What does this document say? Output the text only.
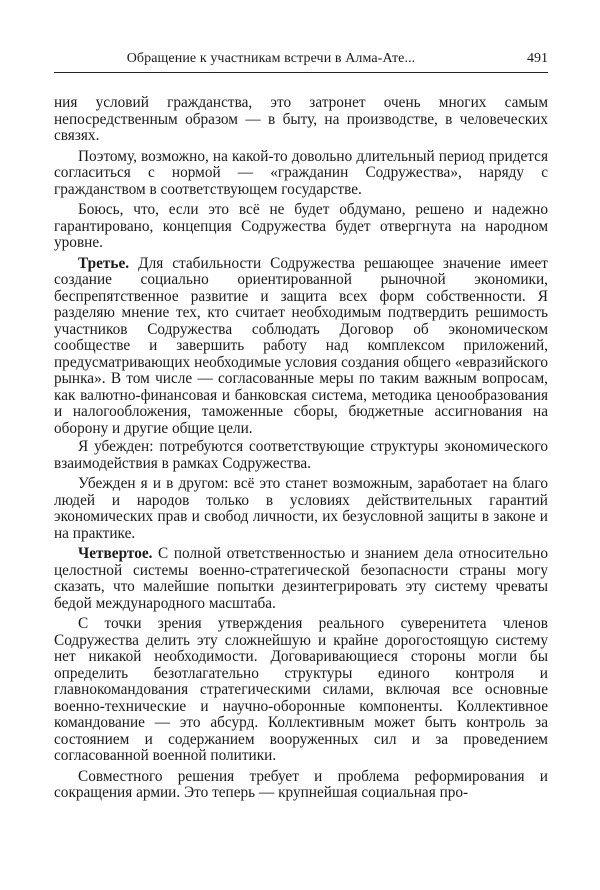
Обращение к участникам встречи в Алма-Ате...	491

ния условий гражданства, это затронет очень многих самым непосредственным образом — в быту, на производстве, в человеческих связях.

Поэтому, возможно, на какой-то довольно длительный период придется согласиться с нормой — «гражданин Содружества», наряду с гражданством в соответствующем государстве.

Боюсь, что, если это всё не будет обдумано, решено и надежно гарантировано, концепция Содружества будет отвергнута на народном уровне.

Третье. Для стабильности Содружества решающее значение имеет создание социально ориентированной рыночной экономики, беспрепятственное развитие и защита всех форм собственности. Я разделяю мнение тех, кто считает необходимым подтвердить решимость участников Содружества соблюдать Договор об экономическом сообществе и завершить работу над комплексом приложений, предусматривающих необходимые условия создания общего «евразийского рынка». В том числе — согласованные меры по таким важным вопросам, как валютно-финансовая и банковская система, методика ценообразования и налогообложения, таможенные сборы, бюджетные ассигнования на оборону и другие общие цели.

Я убежден: потребуются соответствующие структуры экономического взаимодействия в рамках Содружества.

Убежден я и в другом: всё это станет возможным, заработает на благо людей и народов только в условиях действительных гарантий экономических прав и свобод личности, их безусловной защиты в законе и на практике.

Четвертое. С полной ответственностью и знанием дела относительно целостной системы военно-стратегической безопасности страны могу сказать, что малейшие попытки дезинтегрировать эту систему чреваты бедой международного масштаба.

С точки зрения утверждения реального суверенитета членов Содружества делить эту сложнейшую и крайне дорогостоящую систему нет никакой необходимости. Договаривающиеся стороны могли бы определить безотлагательно структуры единого контроля и главнокомандования стратегическими силами, включая все основные военно-технические и научно-оборонные компоненты. Коллективное командование — это абсурд. Коллективным может быть контроль за состоянием и содержанием вооруженных сил и за проведением согласованной военной политики.

Совместного решения требует и проблема реформирования и сокращения армии. Это теперь — крупнейшая социальная про-
